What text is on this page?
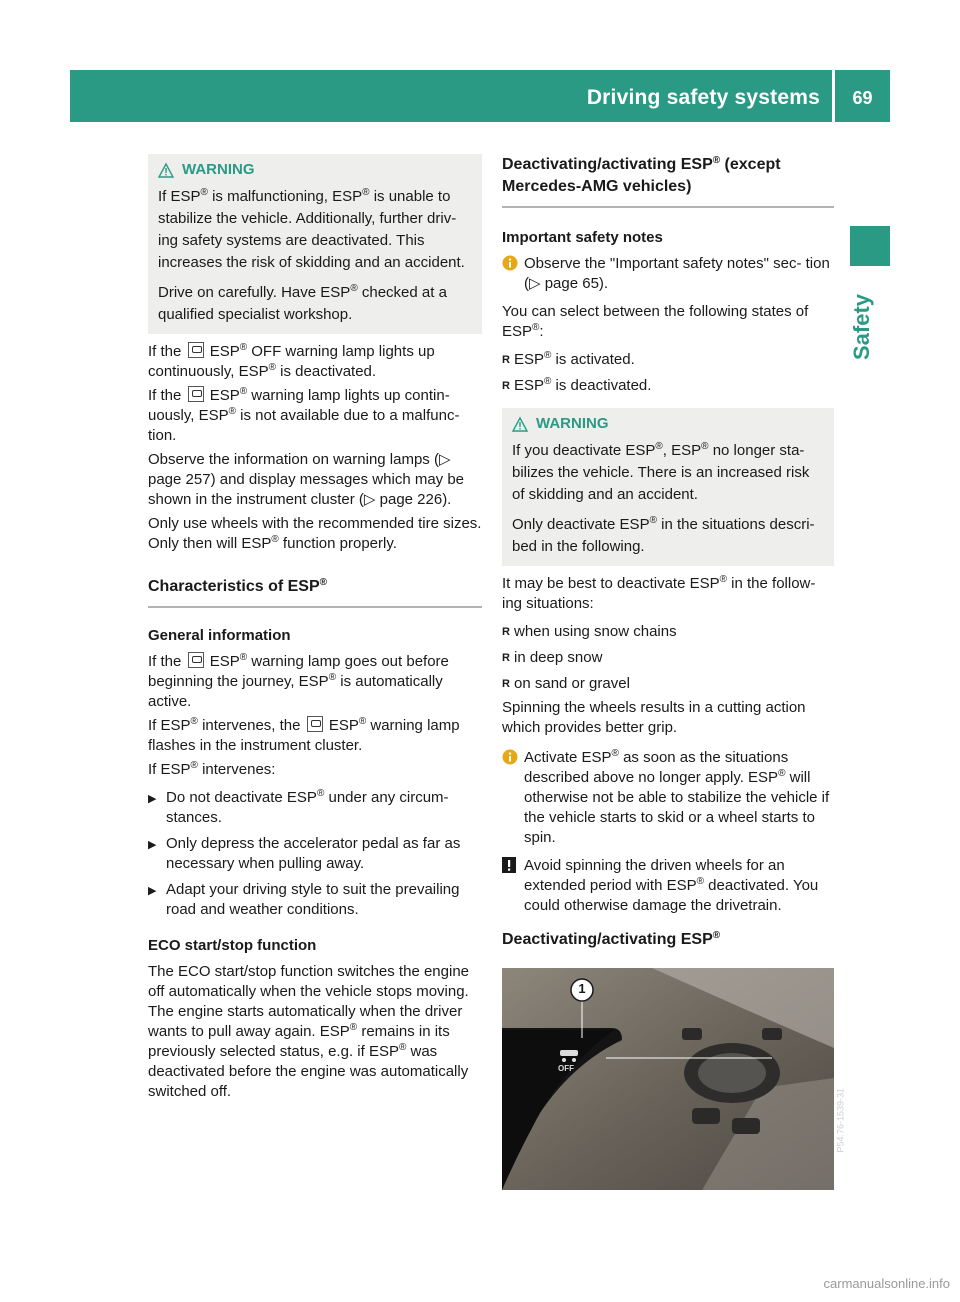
Driving safety systems	69
Safety
WARNING

If ESP® is malfunctioning, ESP® is unable to stabilize the vehicle. Additionally, further driv- ing safety systems are deactivated. This increases the risk of skidding and an accident.

Drive on carefully. Have ESP® checked at a qualified specialist workshop.

If the ESP® OFF warning lamp lights up continuously, ESP® is deactivated.

If the ESP® warning lamp lights up contin- uously, ESP® is not available due to a malfunc- tion.

Observe the information on warning lamps (▷ page 257) and display messages which may be shown in the instrument cluster (▷ page 226).

Only use wheels with the recommended tire sizes. Only then will ESP® function properly.

Characteristics of ESP®
General information

If the ESP® warning lamp goes out before beginning the journey, ESP® is automatically active.

If ESP® intervenes, the ESP® warning lamp flashes in the instrument cluster.

If ESP® intervenes:

▶ Do not deactivate ESP® under any circum- stances.
▶ Only depress the accelerator pedal as far as necessary when pulling away.
▶ Adapt your driving style to suit the prevailing road and weather conditions.
ECO start/stop function

The ECO start/stop function switches the engine off automatically when the vehicle stops moving. The engine starts automatically when the driver wants to pull away again. ESP® remains in its previously selected status, e.g. if ESP® was deactivated before the engine was automatically switched off.

Deactivating/activating ESP® (except Mercedes-AMG vehicles)
Important safety notes
Observe the "Important safety notes" sec- tion (▷ page 65).

You can select between the following states of ESP®:

R ESP® is activated.
R ESP® is deactivated.
WARNING

If you deactivate ESP®, ESP® no longer sta- bilizes the vehicle. There is an increased risk of skidding and an accident.

Only deactivate ESP® in the situations descri- bed in the following.

It may be best to deactivate ESP® in the follow- ing situations:

R when using snow chains
R in deep snow
R on sand or gravel

Spinning the wheels results in a cutting action which provides better grip.

Activate ESP® as soon as the situations described above no longer apply. ESP® will otherwise not be able to stabilize the vehicle if the vehicle starts to skid or a wheel starts to spin.
Avoid spinning the driven wheels for an extended period with ESP® deactivated. You could otherwise damage the drivetrain.
Deactivating/activating ESP®
1
OFF
P54.76-1539-31
carmanualsonline.info
